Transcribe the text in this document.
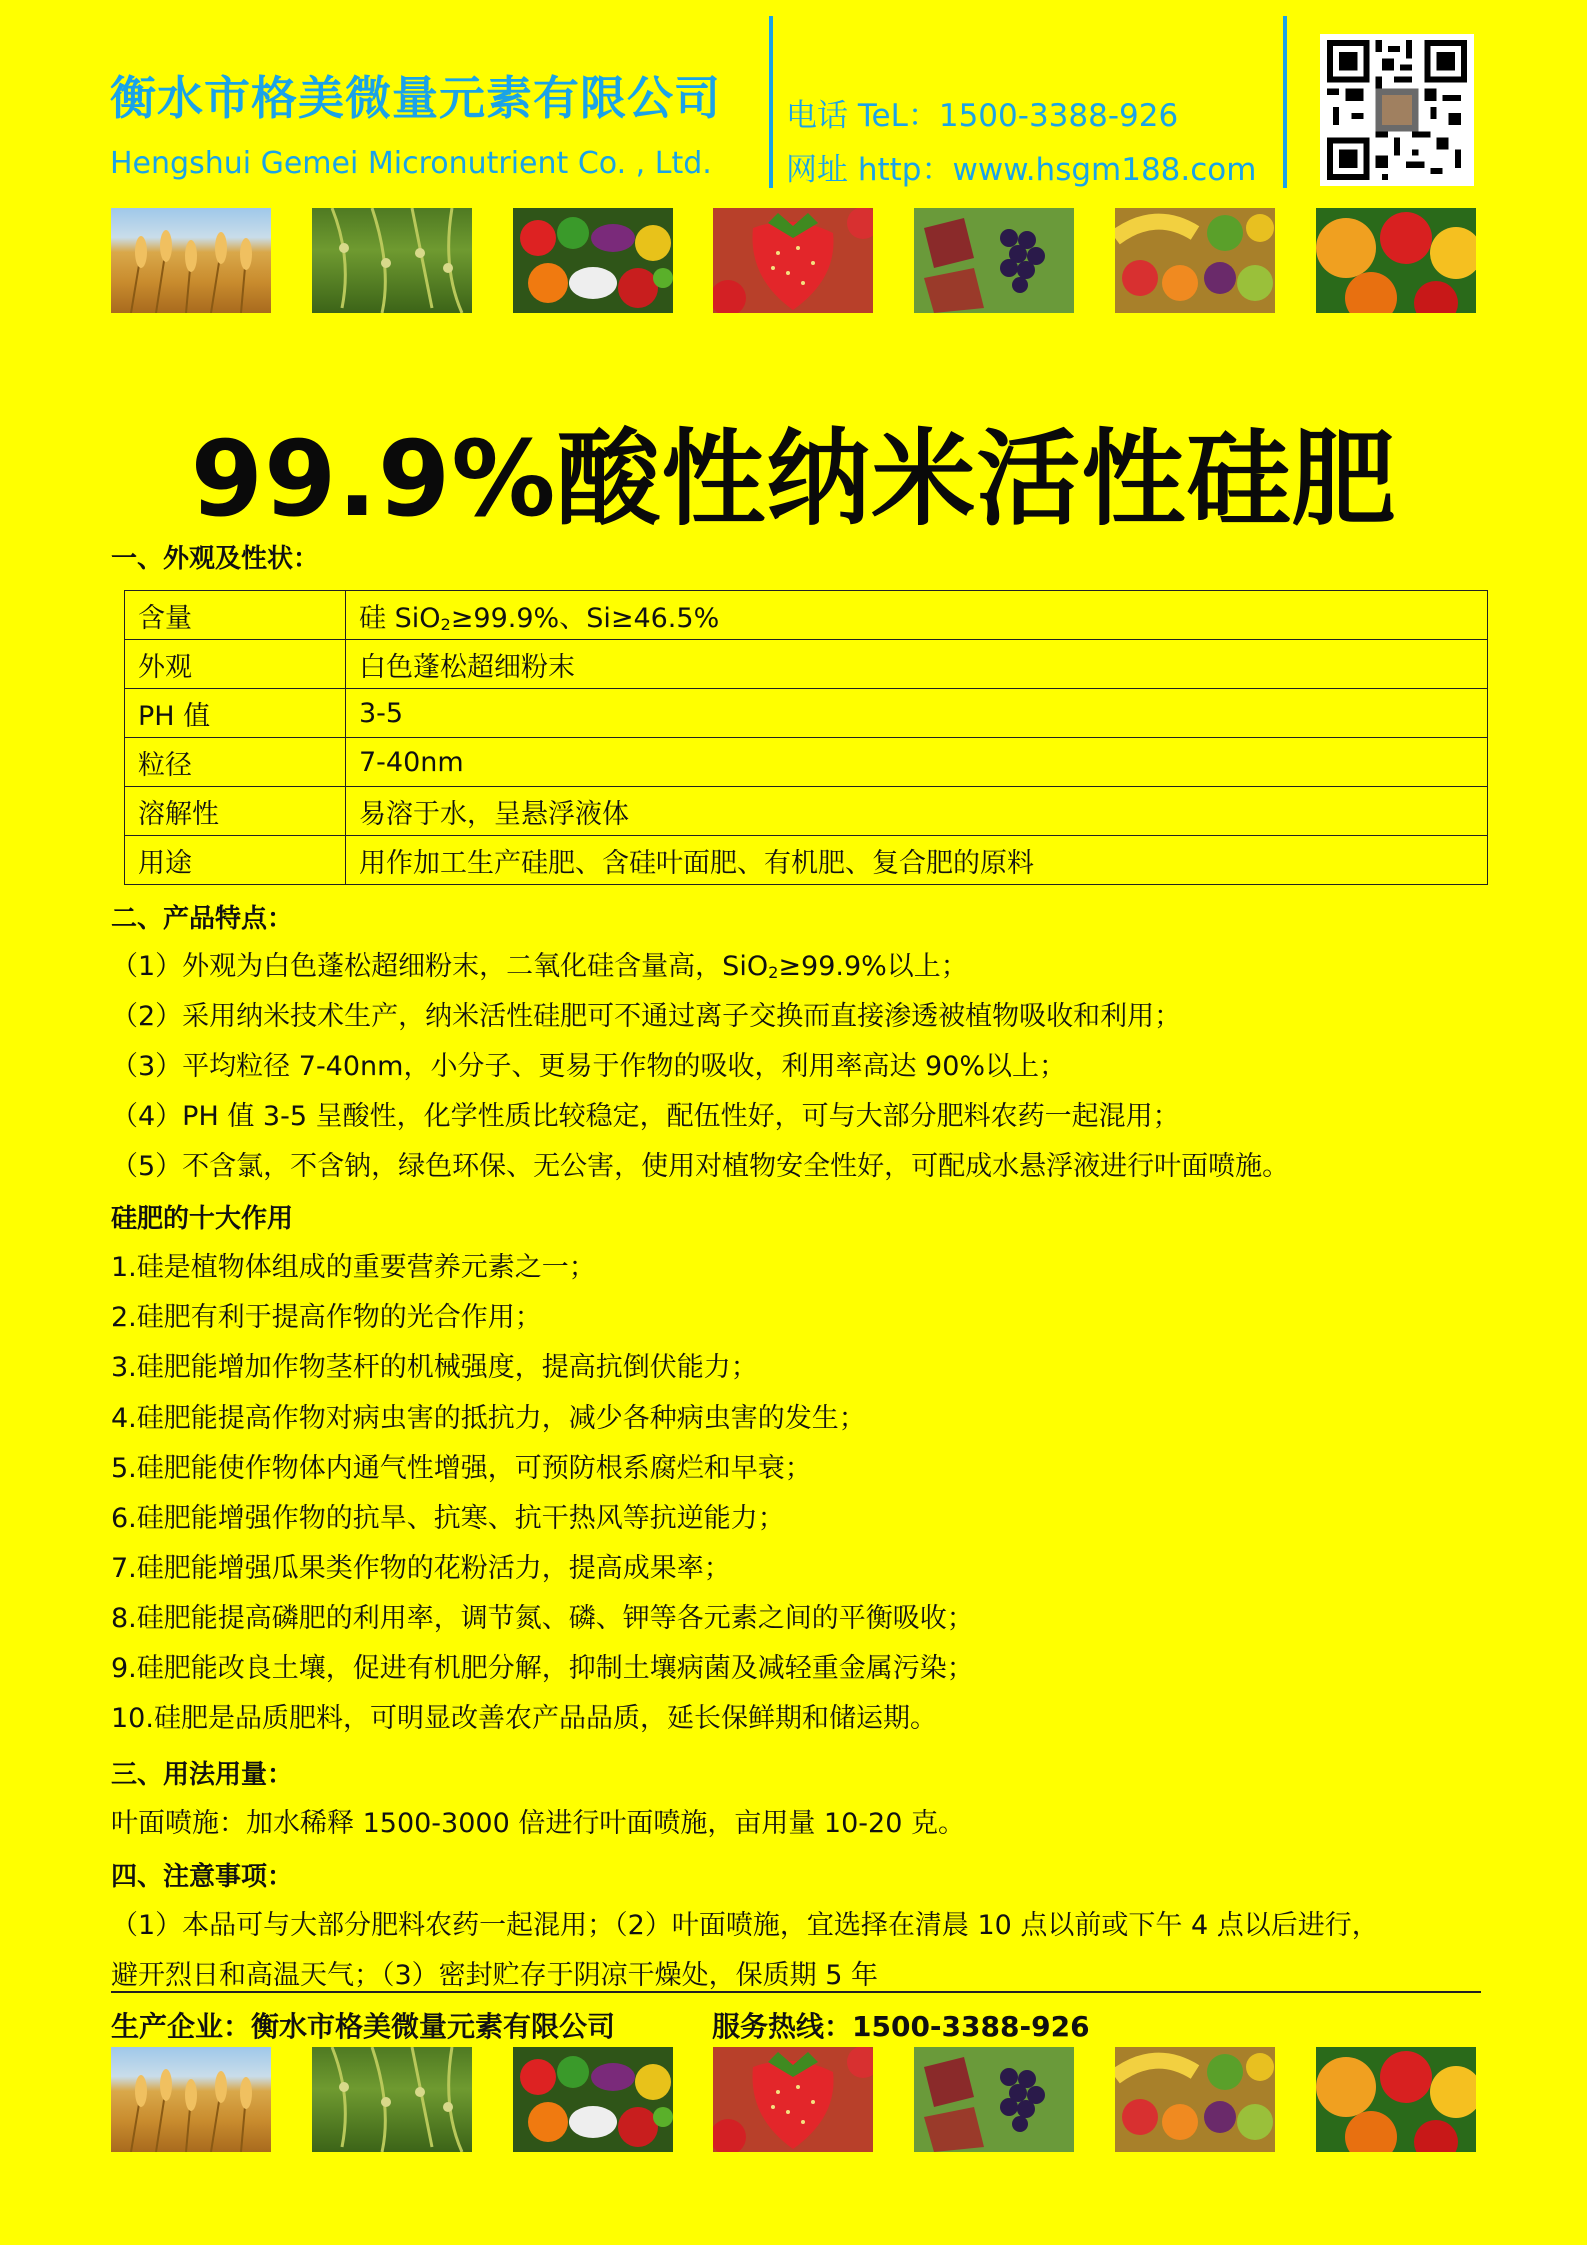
衡水市格美微量元素有限公司
Hengshui Gemei Micronutrient Co. , Ltd.
电话 TeL：1500-3388-926
网址 http：www.hsgm188.com
99.9%酸性纳米活性硅肥
一、外观及性状：
含量	硅 SiO$_2$≥99.9%、Si≥46.5%
外观	白色蓬松超细粉末
PH 值	3-5
粒径	7-40nm
溶解性	易溶于水，呈悬浮液体
用途	用作加工生产硅肥、含硅叶面肥、有机肥、复合肥的原料
二、产品特点：
（1）外观为白色蓬松超细粉末，二氧化硅含量高，SiO$_2$≥99.9%以上；
（2）采用纳米技术生产，纳米活性硅肥可不通过离子交换而直接渗透被植物吸收和利用；
（3）平均粒径 7-40nm，小分子、更易于作物的吸收，利用率高达 90%以上；
（4）PH 值 3-5 呈酸性，化学性质比较稳定，配伍性好，可与大部分肥料农药一起混用；
（5）不含氯，不含钠，绿色环保、无公害，使用对植物安全性好，可配成水悬浮液进行叶面喷施。
硅肥的十大作用
1.硅是植物体组成的重要营养元素之一；
2.硅肥有利于提高作物的光合作用；
3.硅肥能增加作物茎杆的机械强度，提高抗倒伏能力；
4.硅肥能提高作物对病虫害的抵抗力，减少各种病虫害的发生；
5.硅肥能使作物体内通气性增强，可预防根系腐烂和早衰；
6.硅肥能增强作物的抗旱、抗寒、抗干热风等抗逆能力；
7.硅肥能增强瓜果类作物的花粉活力，提高成果率；
8.硅肥能提高磷肥的利用率，调节氮、磷、钾等各元素之间的平衡吸收；
9.硅肥能改良土壤，促进有机肥分解，抑制土壤病菌及减轻重金属污染；
10.硅肥是品质肥料，可明显改善农产品品质，延长保鲜期和储运期。
三、用法用量：
叶面喷施：加水稀释 1500-3000 倍进行叶面喷施，亩用量 10-20 克。
四、注意事项：
（1）本品可与大部分肥料农药一起混用；（2）叶面喷施，宜选择在清晨 10 点以前或下午 4 点以后进行，
避开烈日和高温天气；（3）密封贮存于阴凉干燥处，保质期 5 年
生产企业：衡水市格美微量元素有限公司	服务热线：1500-3388-926
